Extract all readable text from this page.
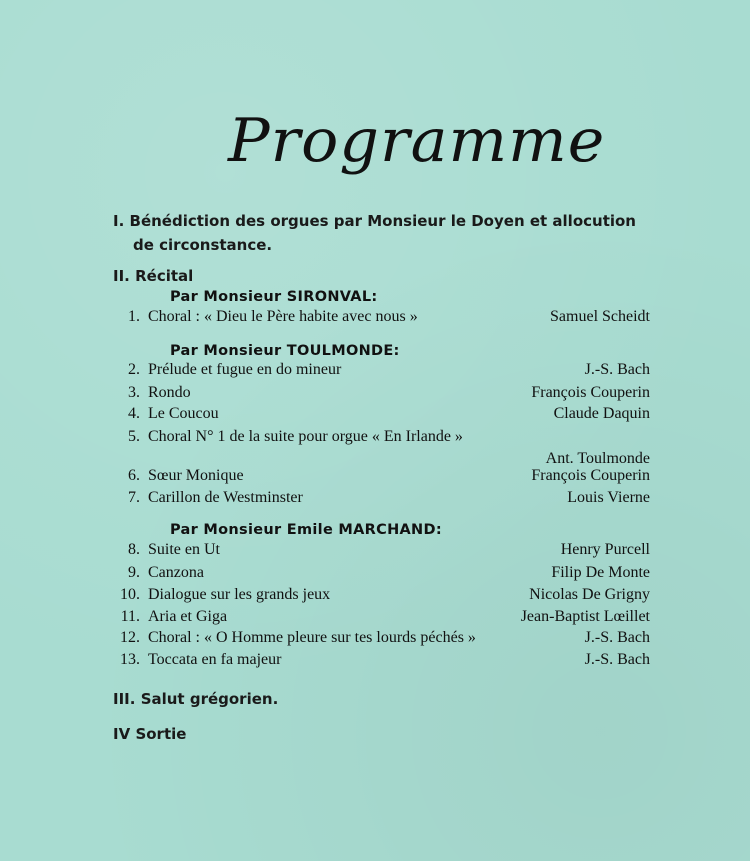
Programme
I. Bénédiction des orgues par Monsieur le Doyen et allocution
de circonstance.
II. Récital
Par Monsieur SIRONVAL:
1. Choral : « Dieu le Père habite avec nous »	Samuel Scheidt
Par Monsieur TOULMONDE:
2. Prélude et fugue en do mineur	J.-S. Bach
3. Rondo	François Couperin
4. Le Coucou	Claude Daquin
5. Choral N° 1 de la suite pour orgue « En Irlande »
Ant. Toulmonde
6. Sœur Monique	François Couperin
7. Carillon de Westminster	Louis Vierne
Par Monsieur Emile MARCHAND:
8. Suite en Ut	Henry Purcell
9. Canzona	Filip De Monte
10. Dialogue sur les grands jeux	Nicolas De Grigny
11. Aria et Giga	Jean-Baptist Lœillet
12. Choral : « O Homme pleure sur tes lourds péchés »	J.-S. Bach
13. Toccata en fa majeur	J.-S. Bach
III. Salut grégorien.
IV Sortie
